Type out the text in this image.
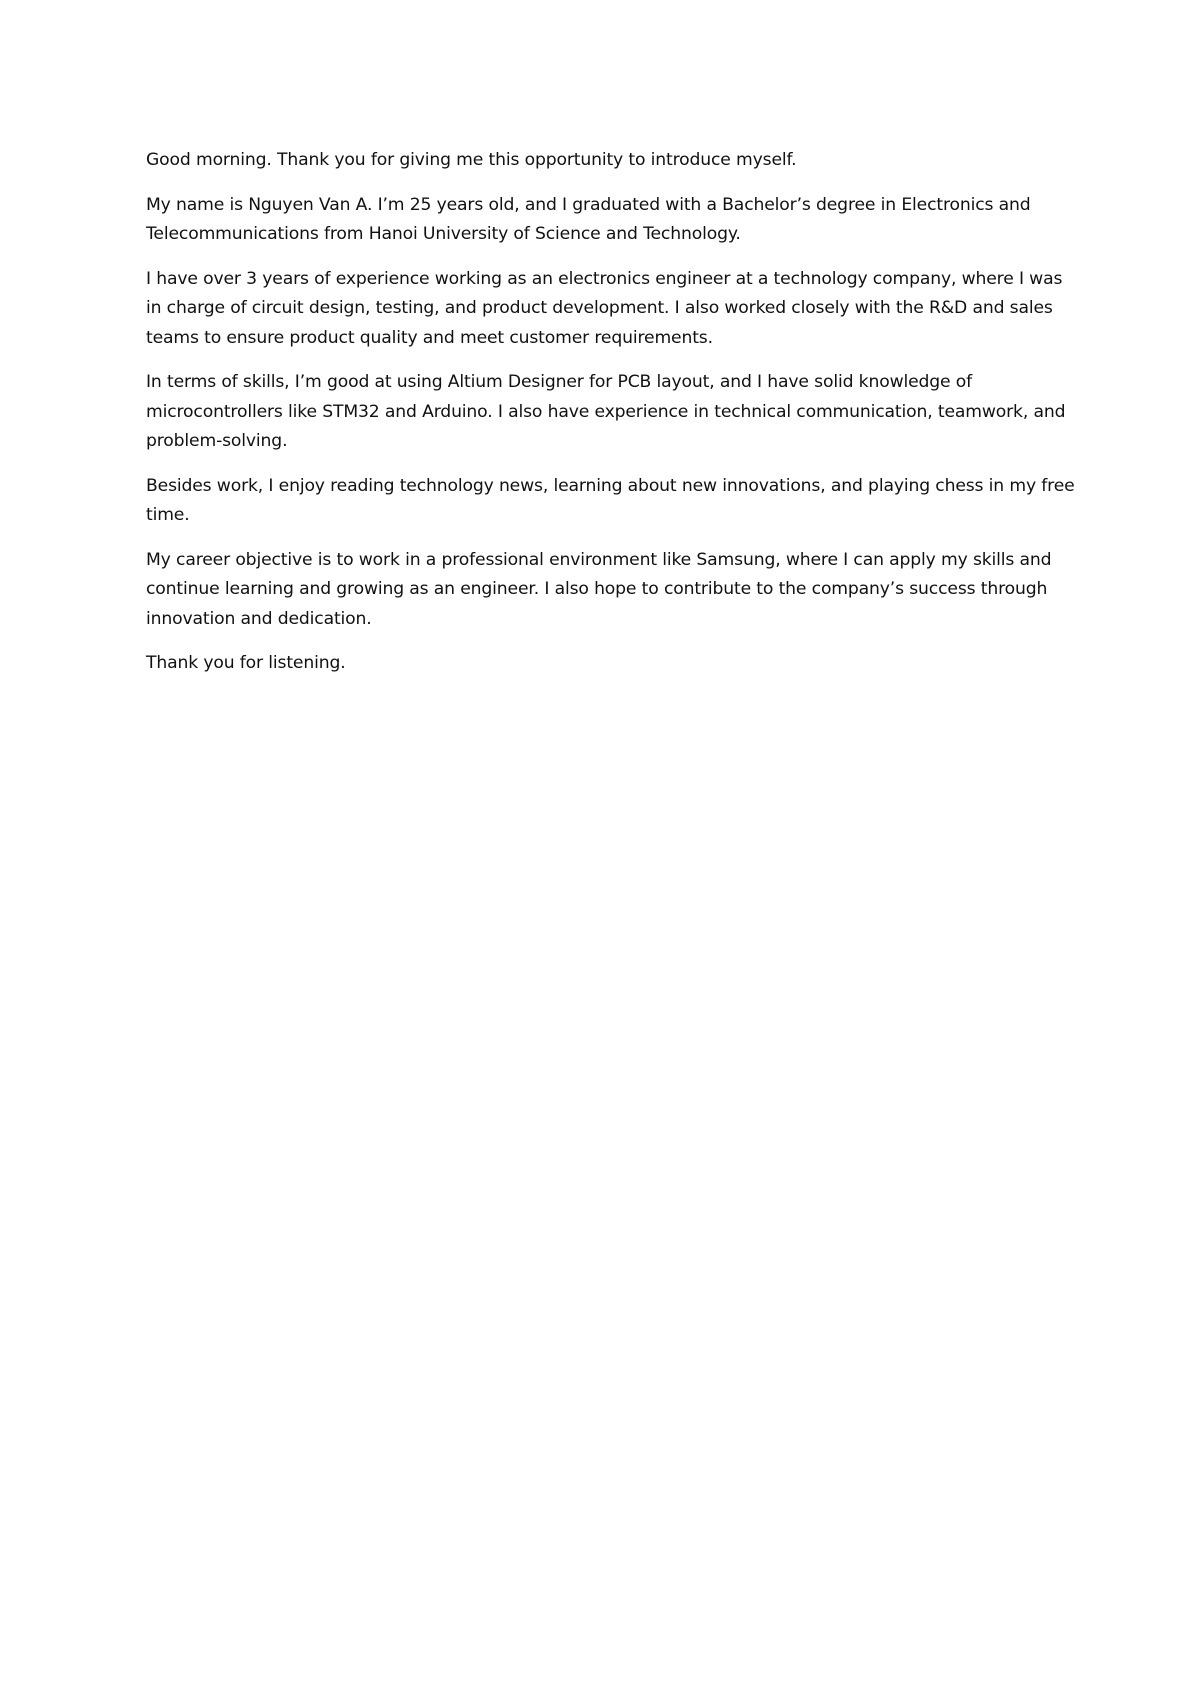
Good morning. Thank you for giving me this opportunity to introduce myself.

My name is Nguyen Van A. I’m 25 years old, and I graduated with a Bachelor’s degree in Electronics and Telecommunications from Hanoi University of Science and Technology.

I have over 3 years of experience working as an electronics engineer at a technology company, where I was in charge of circuit design, testing, and product development. I also worked closely with the R&D and sales teams to ensure product quality and meet customer requirements.

In terms of skills, I’m good at using Altium Designer for PCB layout, and I have solid knowledge of microcontrollers like STM32 and Arduino. I also have experience in technical communication, teamwork, and problem-solving.

Besides work, I enjoy reading technology news, learning about new innovations, and playing chess in my free time.

My career objective is to work in a professional environment like Samsung, where I can apply my skills and continue learning and growing as an engineer. I also hope to contribute to the company’s success through innovation and dedication.

Thank you for listening.
